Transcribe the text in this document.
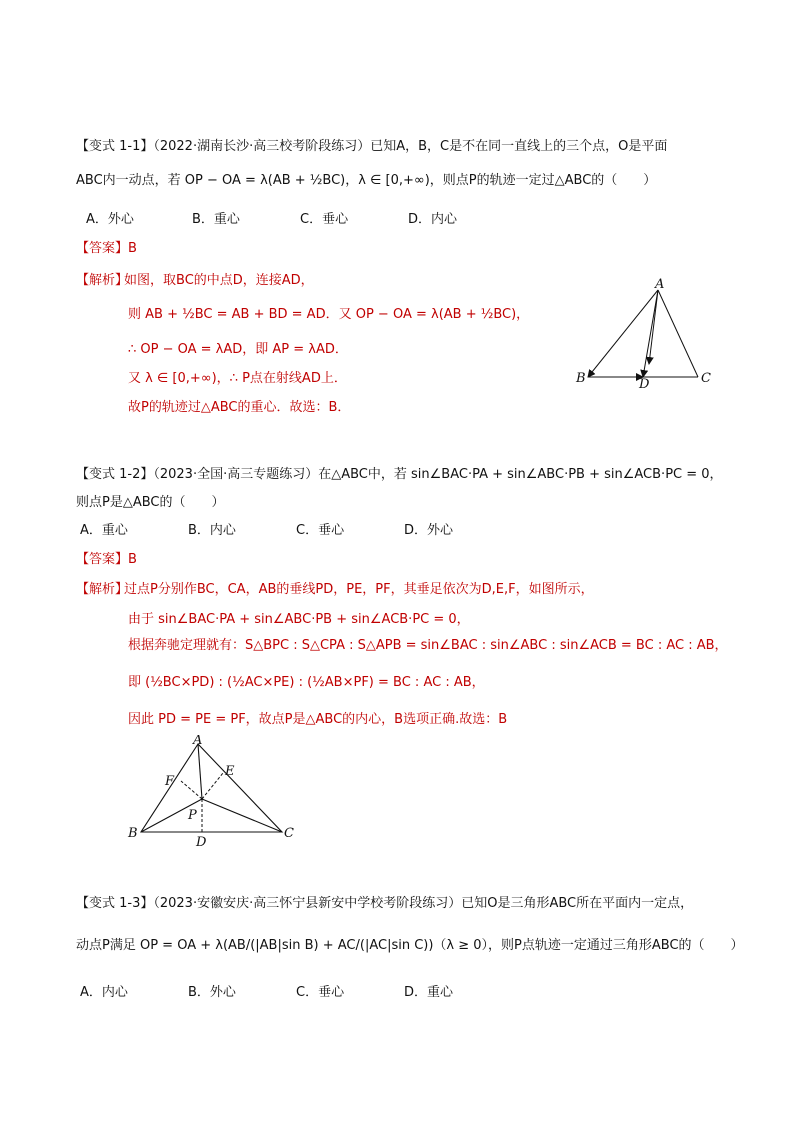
【变式 1-1】（2022·湖南长沙·高三校考阶段练习）已知A，B，C是不在同一直线上的三个点，O是平面
ABC内一动点，若 OP − OA = λ(AB + ½BC)，λ ∈ [0,+∞)，则点P的轨迹一定过△ABC的（　　）
A．外心	B．重心	C．垂心	D．内心
【答案】B
【解析】
如图，取BC的中点D，连接AD，
则 AB + ½BC = AB + BD = AD．又 OP − OA = λ(AB + ½BC)，
∴ OP − OA = λAD，即 AP = λAD．
又 λ ∈ [0,+∞)，∴ P点在射线AD上．
故P的轨迹过△ABC的重心．故选：B．
A
B	C
D
【变式 1-2】（2023·全国·高三专题练习）在△ABC中，若 sin∠BAC·PA + sin∠ABC·PB + sin∠ACB·PC = 0，
则点P是△ABC的（　　）
A．重心	B．内心	C．垂心	D．外心
【答案】B
【解析】
过点P分别作BC，CA，AB的垂线PD，PE，PF，其垂足依次为D,E,F，如图所示，
由于 sin∠BAC·PA + sin∠ABC·PB + sin∠ACB·PC = 0，
根据奔驰定理就有：S△BPC : S△CPA : S△APB = sin∠BAC : sin∠ABC : sin∠ACB = BC : AC : AB，
即 (½BC×PD) : (½AC×PE) : (½AB×PF) = BC : AC : AB，
因此 PD = PE = PF，故点P是△ABC的内心，B选项正确.故选：B
A
B	C
D
E
F
P
【变式 1-3】（2023·安徽安庆·高三怀宁县新安中学校考阶段练习）已知O是三角形ABC所在平面内一定点，
动点P满足 OP = OA + λ(AB/(|AB|sin B) + AC/(|AC|sin C))（λ ≥ 0），则P点轨迹一定通过三角形ABC的（　　）
A．内心	B．外心	C．垂心	D．重心
